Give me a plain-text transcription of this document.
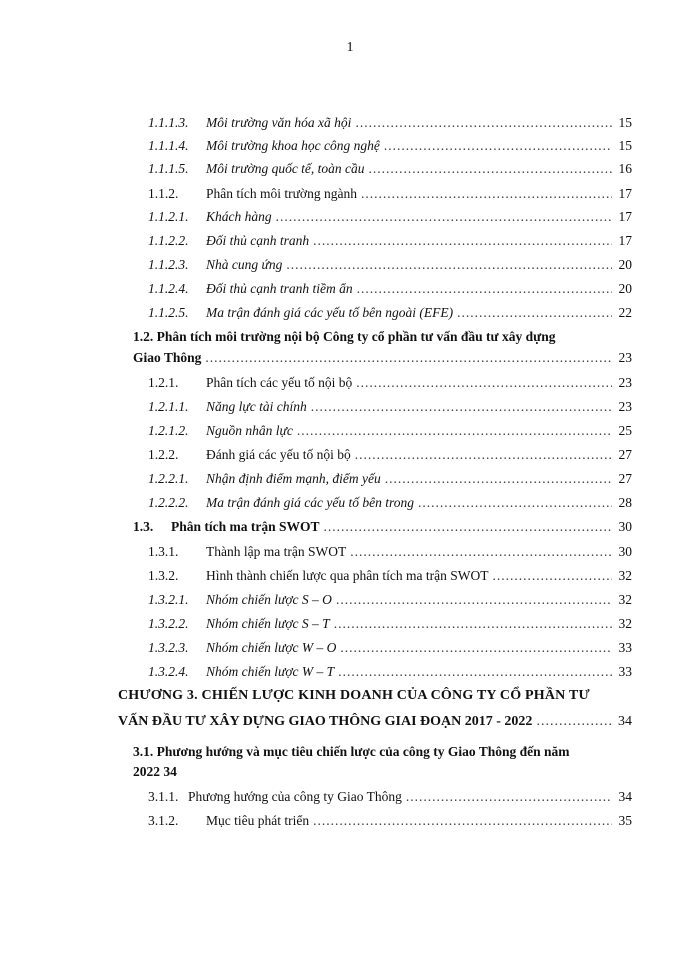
1
1.1.1.3.	Môi trường văn hóa xã hội .....	15
1.1.1.4.	Môi trường khoa học công nghệ .....	15
1.1.1.5.	Môi trường quốc tế, toàn cầu .....	16
1.1.2.	Phân tích môi trường ngành .....	17
1.1.2.1.	Khách hàng .....	17
1.1.2.2.	Đối thủ cạnh tranh .....	17
1.1.2.3.	Nhà cung ứng .....	20
1.1.2.4.	Đối thủ cạnh tranh tiềm ẩn .....	20
1.1.2.5.	Ma trận đánh giá các yếu tố bên ngoài (EFE) .....	22
1.2. Phân tích môi trường nội bộ Công ty cổ phần tư vấn đầu tư xây dựng
Giao Thông .....	23
1.2.1.	Phân tích các yếu tố nội bộ .....	23
1.2.1.1.	Năng lực tài chính .....	23
1.2.1.2.	Nguồn nhân lực .....	25
1.2.2.	Đánh giá các yếu tố nội bộ .....	27
1.2.2.1.	Nhận định điểm mạnh, điểm yếu .....	27
1.2.2.2.	Ma trận đánh giá các yếu tố bên trong .....	28
1.3.	Phân tích ma trận SWOT .....	30
1.3.1.	Thành lập ma trận SWOT .....	30
1.3.2.	Hình thành chiến lược qua phân tích ma trận SWOT .....	32
1.3.2.1.	Nhóm chiến lược S – O .....	32
1.3.2.2.	Nhóm chiến lược S – T .....	32
1.3.2.3.	Nhóm chiến lược W – O .....	33
1.3.2.4.	Nhóm chiến lược W – T .....	33
CHƯƠNG 3. CHIẾN LƯỢC KINH DOANH CỦA CÔNG TY CỔ PHẦN TƯ
VẤN ĐẦU TƯ XÂY DỰNG GIAO THÔNG GIAI ĐOẠN 2017 - 2022 .....	34
3.1. Phương hướng và mục tiêu chiến lược của công ty Giao Thông đến năm
2022 34
3.1.1. Phương hướng của công ty Giao Thông .....	34
3.1.2.	Mục tiêu phát triển .....	35
